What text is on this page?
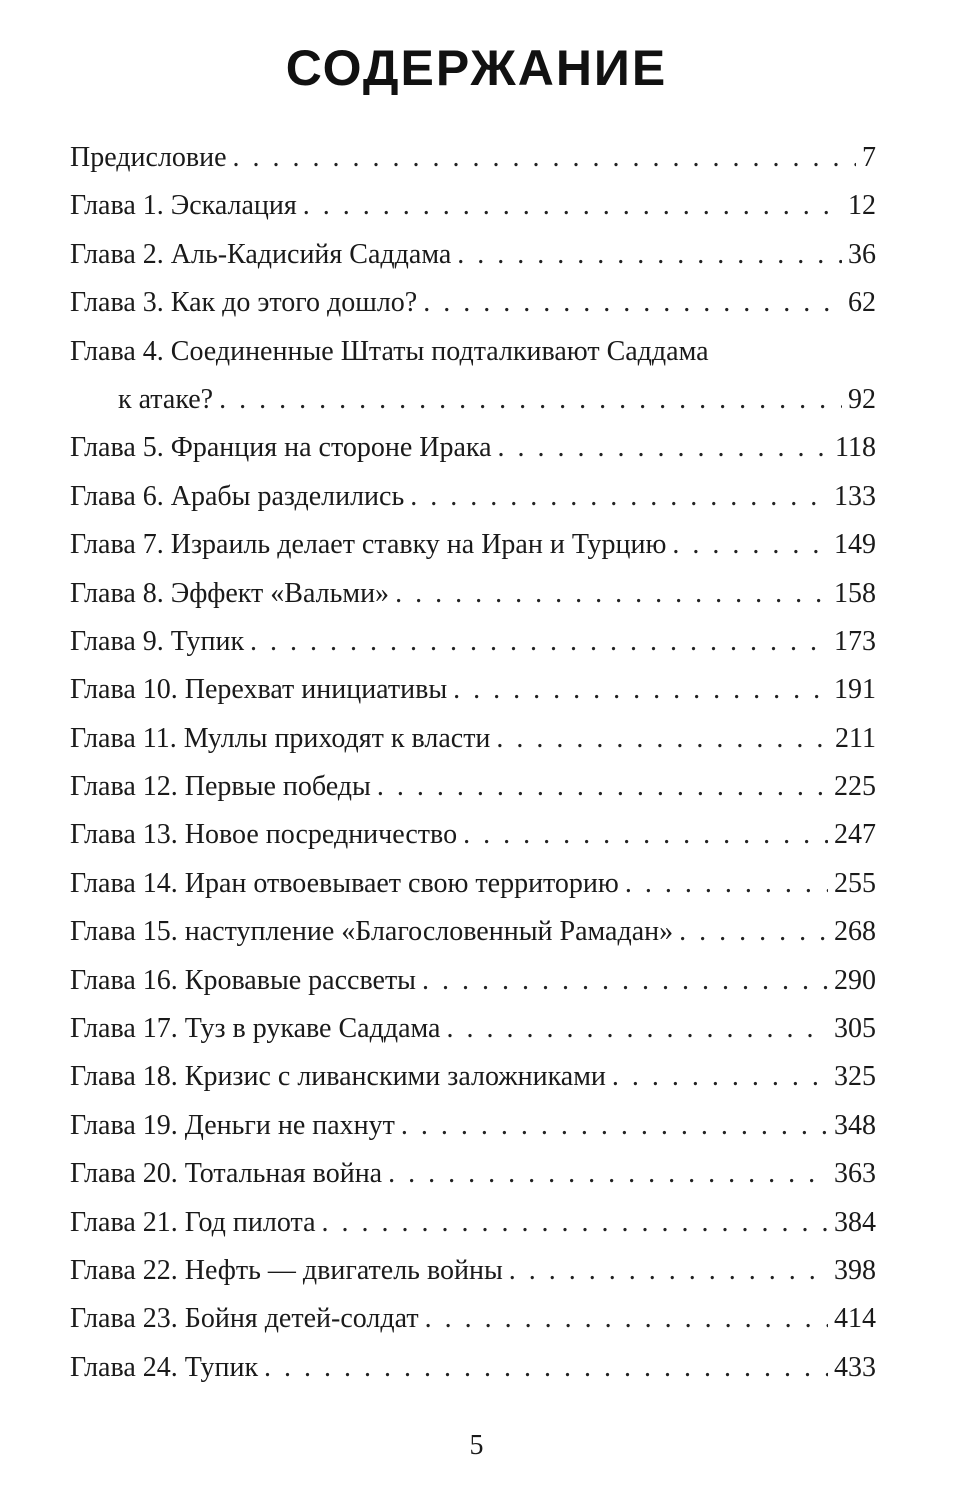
СОДЕРЖАНИЕ
Предисловие . . .	7
Глава 1. Эскалация . . .	12
Глава 2. Аль-Кадисийя Саддама . . .	36
Глава 3. Как до этого дошло? . . .	62
Глава 4. Соединенные Штаты подталкивают Саддама
к атаке? . . .	92
Глава 5. Франция на стороне Ирака . . .	118
Глава 6. Арабы разделились . . .	133
Глава 7. Израиль делает ставку на Иран и Турцию . . .	149
Глава 8. Эффект «Вальми» . . .	158
Глава 9. Тупик . . .	173
Глава 10. Перехват инициативы . . .	191
Глава 11. Муллы приходят к власти . . .	211
Глава 12. Первые победы . . .	225
Глава 13. Новое посредничество . . .	247
Глава 14. Иран отвоевывает свою территорию . . .	255
Глава 15. наступление «Благословенный Рамадан» . . .	268
Глава 16. Кровавые рассветы . . .	290
Глава 17. Туз в рукаве Саддама . . .	305
Глава 18. Кризис с ливанскими заложниками . . .	325
Глава 19. Деньги не пахнут . . .	348
Глава 20. Тотальная война . . .	363
Глава 21. Год пилота . . .	384
Глава 22. Нефть — двигатель войны . . .	398
Глава 23. Бойня детей-солдат . . .	414
Глава 24. Тупик . . .	433
5
